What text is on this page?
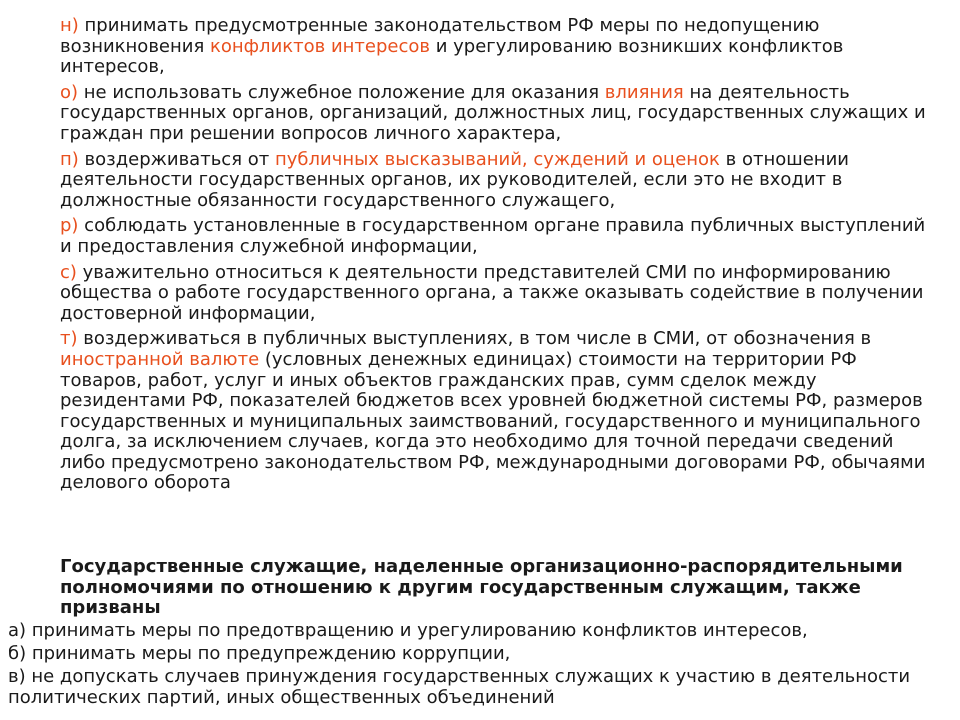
н) принимать предусмотренные законодательством РФ меры по недопущению возникновения конфликтов интересов и урегулированию возникших конфликтов интересов,

о) не использовать служебное положение для оказания влияния на деятельность государственных органов, организаций, должностных лиц, государственных служащих и граждан при решении вопросов личного характера,

п) воздерживаться от публичных высказываний, суждений и оценок в отношении деятельности государственных органов, их руководителей, если это не входит в должностные обязанности государственного служащего,

р) соблюдать установленные в государственном органе правила публичных выступлений и предоставления служебной информации,

с) уважительно относиться к деятельности представителей СМИ по информированию общества о работе государственного органа, а также оказывать содействие в получении достоверной информации,

т) воздерживаться в публичных выступлениях, в том числе в СМИ, от обозначения в иностранной валюте (условных денежных единицах) стоимости на территории РФ товаров, работ, услуг и иных объектов гражданских прав, сумм сделок между резидентами РФ, показателей бюджетов всех уровней бюджетной системы РФ, размеров государственных и муниципальных заимствований, государственного и муниципального долга, за исключением случаев, когда это необходимо для точной передачи сведений либо предусмотрено законодательством РФ, международными договорами РФ, обычаями делового оборота

Государственные служащие, наделенные организационно-распорядительными полномочиями по отношению к другим государственным служащим, также призваны
а) принимать меры по предотвращению и урегулированию конфликтов интересов,
б) принимать меры по предупреждению коррупции,
в) не допускать случаев принуждения государственных служащих к участию в деятельности политических партий, иных общественных объединений
